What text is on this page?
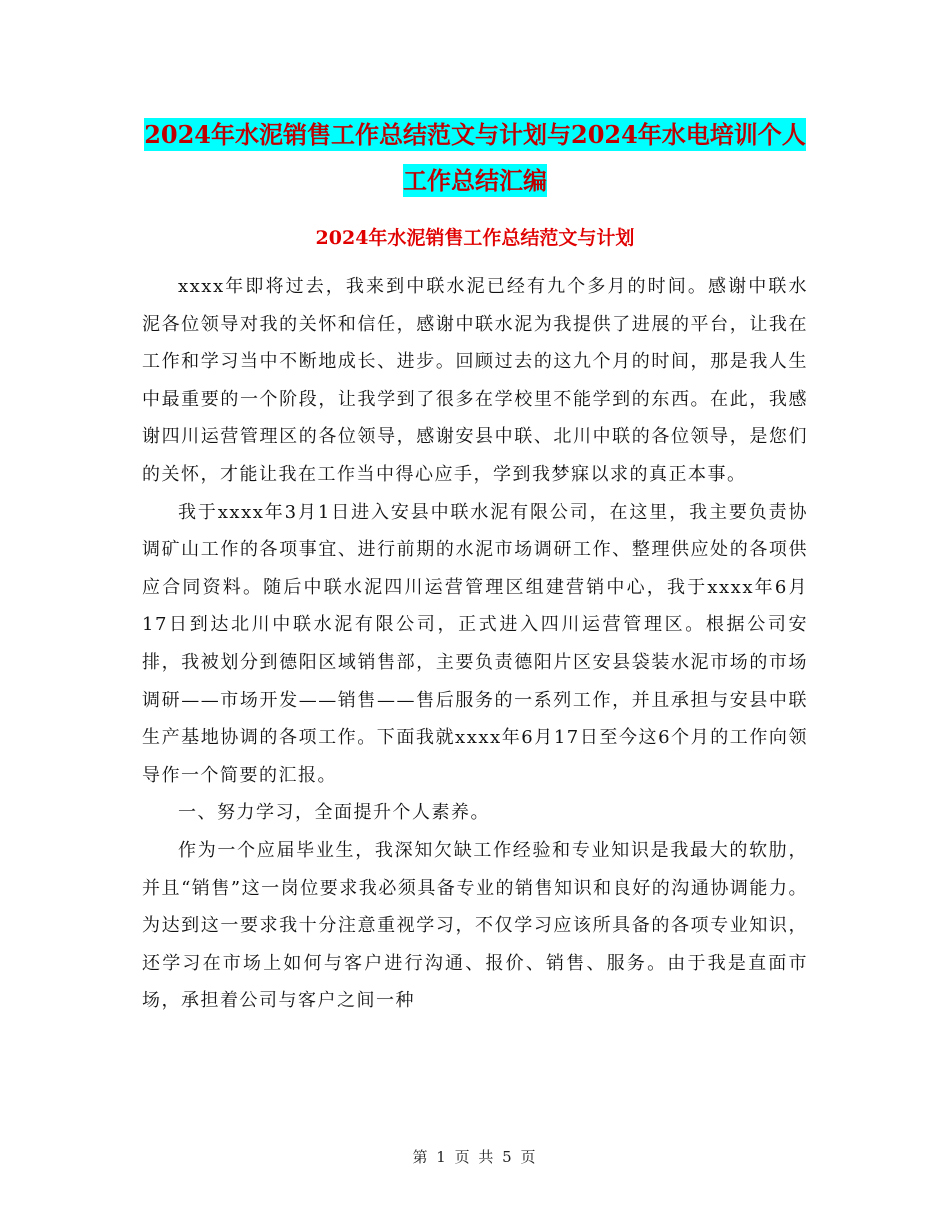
2024年水泥销售工作总结范文与计划与2024年水电培训个人工作总结汇编
2024年水泥销售工作总结范文与计划

xxxx年即将过去，我来到中联水泥已经有九个多月的时间。感谢中联水泥各位领导对我的关怀和信任，感谢中联水泥为我提供了进展的平台，让我在工作和学习当中不断地成长、进步。回顾过去的这九个月的时间，那是我人生中最重要的一个阶段，让我学到了很多在学校里不能学到的东西。在此，我感谢四川运营管理区的各位领导，感谢安县中联、北川中联的各位领导，是您们的关怀，才能让我在工作当中得心应手，学到我梦寐以求的真正本事。

我于xxxx年3月1日进入安县中联水泥有限公司，在这里，我主要负责协调矿山工作的各项事宜、进行前期的水泥市场调研工作、整理供应处的各项供应合同资料。随后中联水泥四川运营管理区组建营销中心，我于xxxx年6月17日到达北川中联水泥有限公司，正式进入四川运营管理区。根据公司安排，我被划分到德阳区域销售部，主要负责德阳片区安县袋装水泥市场的市场调研——市场开发——销售——售后服务的一系列工作，并且承担与安县中联生产基地协调的各项工作。下面我就xxxx年6月17日至今这6个月的工作向领导作一个简要的汇报。

一、努力学习，全面提升个人素养。

作为一个应届毕业生，我深知欠缺工作经验和专业知识是我最大的软肋，并且“销售”这一岗位要求我必须具备专业的销售知识和良好的沟通协调能力。为达到这一要求我十分注意重视学习，不仅学习应该所具备的各项专业知识，还学习在市场上如何与客户进行沟通、报价、销售、服务。由于我是直面市场，承担着公司与客户之间一种

第 1 页 共 5 页
